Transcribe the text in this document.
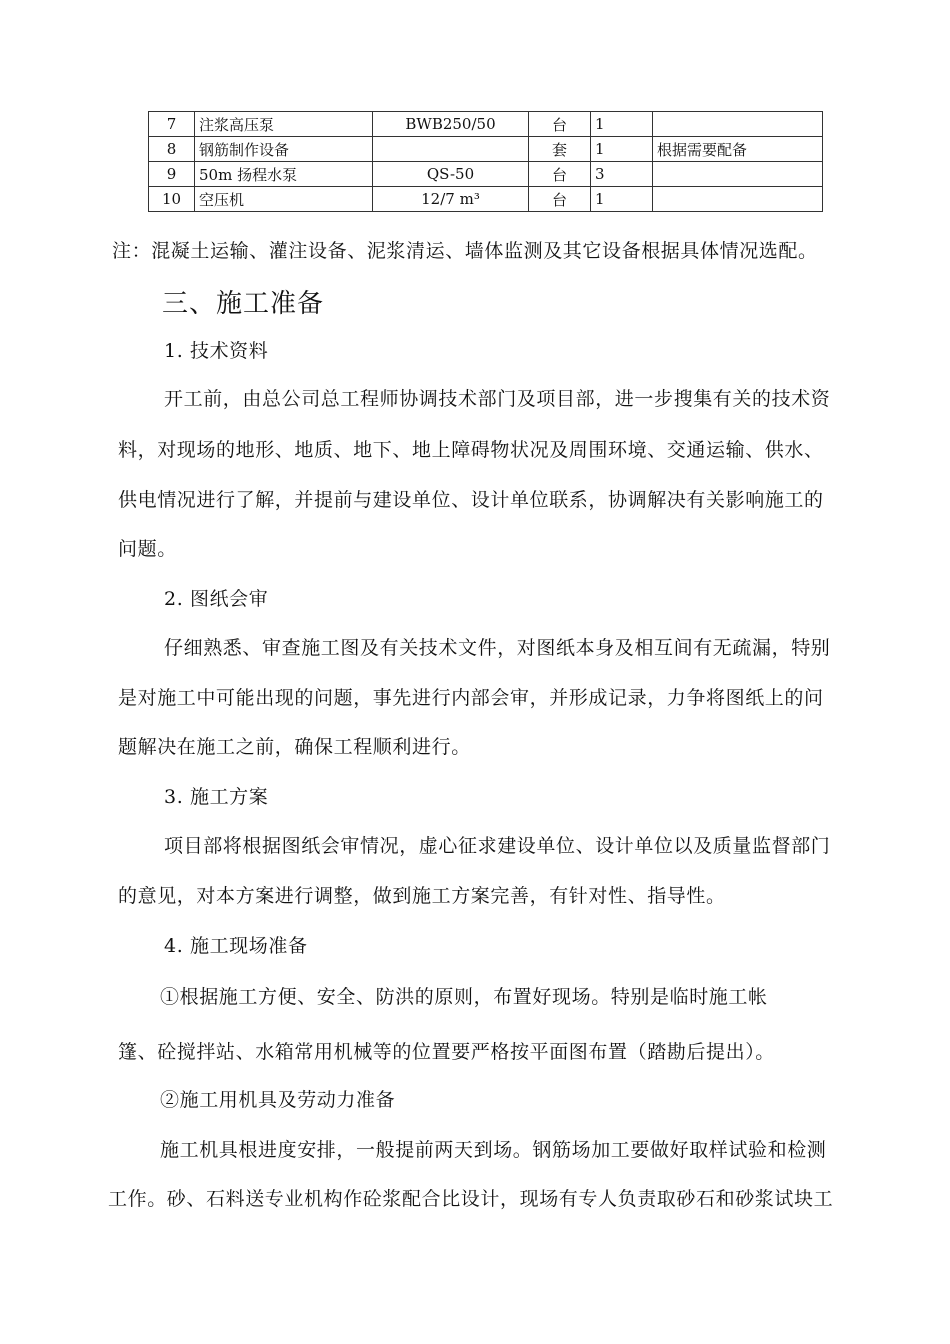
7	注浆高压泵	BWB250/50	台	1	
8	钢筋制作设备		套	1	根据需要配备
9	50m 扬程水泵	QS-50	台	3	
10	空压机	12/7 m³	台	1	
注：混凝土运输、灌注设备、泥浆清运、墙体监测及其它设备根据具体情况选配。
三、施工准备
1. 技术资料
开工前，由总公司总工程师协调技术部门及项目部，进一步搜集有关的技术资
料，对现场的地形、地质、地下、地上障碍物状况及周围环境、交通运输、供水、
供电情况进行了解，并提前与建设单位、设计单位联系，协调解决有关影响施工的
问题。
2. 图纸会审
仔细熟悉、审查施工图及有关技术文件，对图纸本身及相互间有无疏漏，特别
是对施工中可能出现的问题，事先进行内部会审，并形成记录，力争将图纸上的问
题解决在施工之前，确保工程顺利进行。
3. 施工方案
项目部将根据图纸会审情况，虚心征求建设单位、设计单位以及质量监督部门
的意见，对本方案进行调整，做到施工方案完善，有针对性、指导性。
4. 施工现场准备
①根据施工方便、安全、防洪的原则，布置好现场。特别是临时施工帐
篷、砼搅拌站、水箱常用机械等的位置要严格按平面图布置（踏勘后提出）。
②施工用机具及劳动力准备
施工机具根进度安排，一般提前两天到场。钢筋场加工要做好取样试验和检测
工作。砂、石料送专业机构作砼浆配合比设计，现场有专人负责取砂石和砂浆试块工
